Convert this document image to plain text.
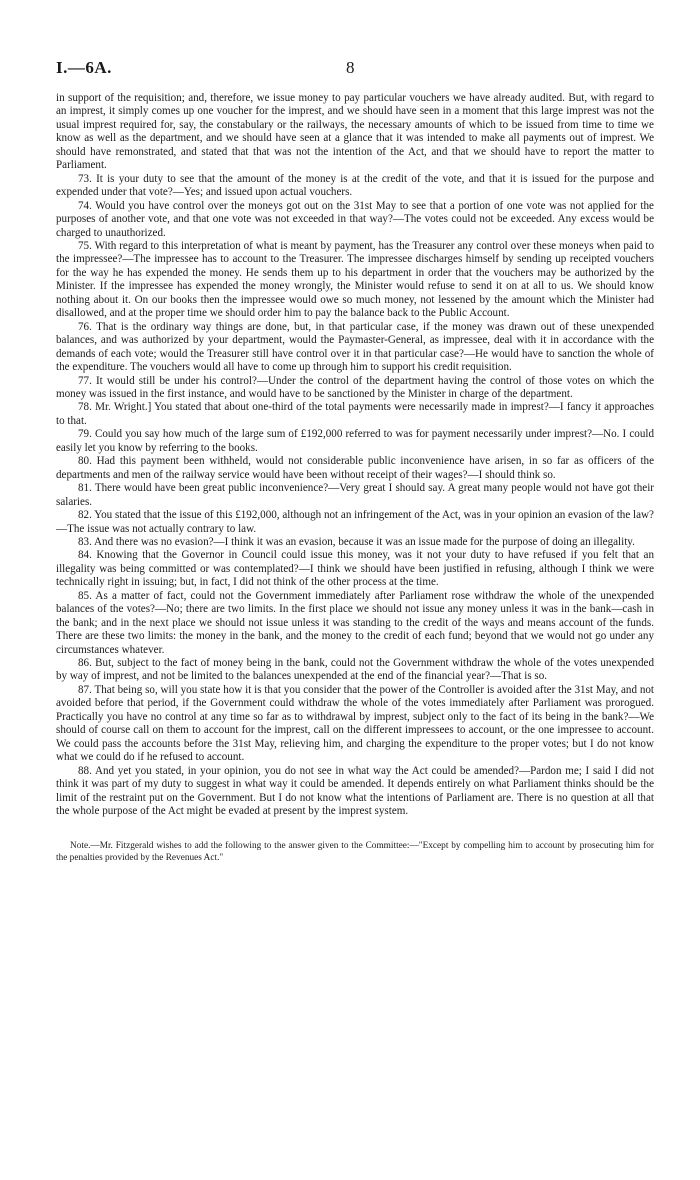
I.—6A.	8

in support of the requisition; and, therefore, we issue money to pay particular vouchers we have already audited. But, with regard to an imprest, it simply comes up one voucher for the imprest, and we should have seen in a moment that this large imprest was not the usual imprest required for, say, the constabulary or the railways, the necessary amounts of which to be issued from time to time we know as well as the department, and we should have seen at a glance that it was intended to make all payments out of imprest. We should have remonstrated, and stated that that was not the intention of the Act, and that we should have to report the matter to Parliament.

73. It is your duty to see that the amount of the money is at the credit of the vote, and that it is issued for the purpose and expended under that vote?—Yes; and issued upon actual vouchers.

74. Would you have control over the moneys got out on the 31st May to see that a portion of one vote was not applied for the purposes of another vote, and that one vote was not exceeded in that way?—The votes could not be exceeded. Any excess would be charged to unauthorized.

75. With regard to this interpretation of what is meant by payment, has the Treasurer any control over these moneys when paid to the impressee?—The impressee has to account to the Treasurer. The impressee discharges himself by sending up receipted vouchers for the way he has expended the money. He sends them up to his department in order that the vouchers may be authorized by the Minister. If the impressee has expended the money wrongly, the Minister would refuse to send it on at all to us. We should know nothing about it. On our books then the impressee would owe so much money, not lessened by the amount which the Minister had disallowed, and at the proper time we should order him to pay the balance back to the Public Account.

76. That is the ordinary way things are done, but, in that particular case, if the money was drawn out of these unexpended balances, and was authorized by your department, would the Paymaster-General, as impressee, deal with it in accordance with the demands of each vote; would the Treasurer still have control over it in that particular case?—He would have to sanction the whole of the expenditure. The vouchers would all have to come up through him to support his credit requisition.

77. It would still be under his control?—Under the control of the department having the control of those votes on which the money was issued in the first instance, and would have to be sanctioned by the Minister in charge of the department.

78. Mr. Wright.] You stated that about one-third of the total payments were necessarily made in imprest?—I fancy it approaches to that.

79. Could you say how much of the large sum of £192,000 referred to was for payment necessarily under imprest?—No. I could easily let you know by referring to the books.

80. Had this payment been withheld, would not considerable public inconvenience have arisen, in so far as officers of the departments and men of the railway service would have been without receipt of their wages?—I should think so.

81. There would have been great public inconvenience?—Very great I should say. A great many people would not have got their salaries.

82. You stated that the issue of this £192,000, although not an infringement of the Act, was in your opinion an evasion of the law?—The issue was not actually contrary to law.

83. And there was no evasion?—I think it was an evasion, because it was an issue made for the purpose of doing an illegality.

84. Knowing that the Governor in Council could issue this money, was it not your duty to have refused if you felt that an illegality was being committed or was contemplated?—I think we should have been justified in refusing, although I think we were technically right in issuing; but, in fact, I did not think of the other process at the time.

85. As a matter of fact, could not the Government immediately after Parliament rose withdraw the whole of the unexpended balances of the votes?—No; there are two limits. In the first place we should not issue any money unless it was in the bank—cash in the bank; and in the next place we should not issue unless it was standing to the credit of the ways and means account of the funds. There are these two limits: the money in the bank, and the money to the credit of each fund; beyond that we would not go under any circumstances whatever.

86. But, subject to the fact of money being in the bank, could not the Government withdraw the whole of the votes unexpended by way of imprest, and not be limited to the balances unexpended at the end of the financial year?—That is so.

87. That being so, will you state how it is that you consider that the power of the Controller is avoided after the 31st May, and not avoided before that period, if the Government could withdraw the whole of the votes immediately after Parliament was prorogued. Practically you have no control at any time so far as to withdrawal by imprest, subject only to the fact of its being in the bank?—We should of course call on them to account for the imprest, call on the different impressees to account, or the one impressee to account. We could pass the accounts before the 31st May, relieving him, and charging the expenditure to the proper votes; but I do not know what we could do if he refused to account.

88. And yet you stated, in your opinion, you do not see in what way the Act could be amended?—Pardon me; I said I did not think it was part of my duty to suggest in what way it could be amended. It depends entirely on what Parliament thinks should be the limit of the restraint put on the Government. But I do not know what the intentions of Parliament are. There is no question at all that the whole purpose of the Act might be evaded at present by the imprest system.

Note.—Mr. Fitzgerald wishes to add the following to the answer given to the Committee:—"Except by compelling him to account by prosecuting him for the penalties provided by the Revenues Act."
